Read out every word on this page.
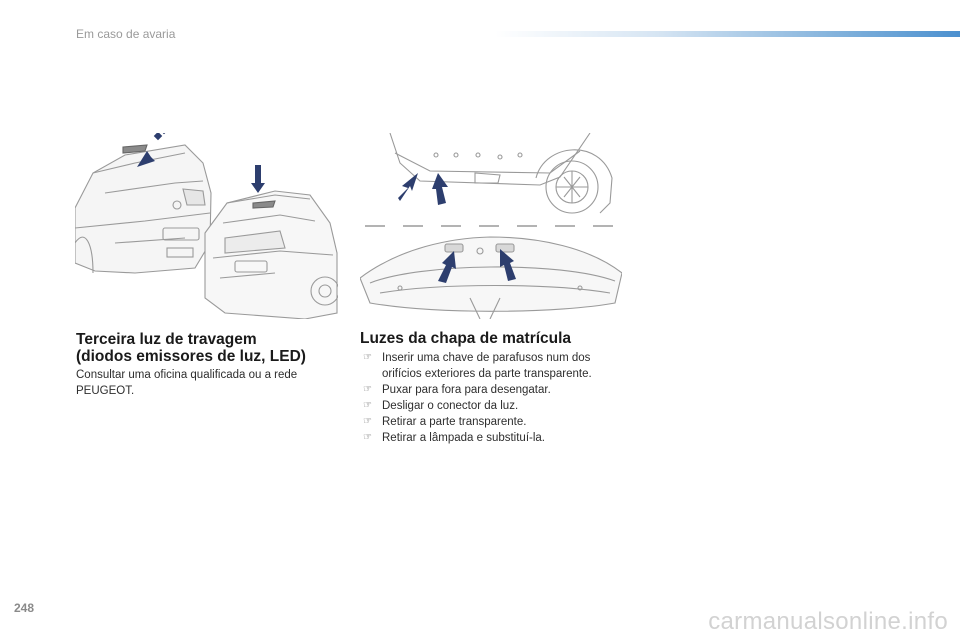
Em caso de avaria
Terceira luz de travagem
(diodos emissores de luz, LED)
Consultar uma oficina qualificada ou a rede PEUGEOT.
Luzes da chapa de matrícula
☞ Inserir uma chave de parafusos num dos orifícios exteriores da parte transparente.
☞ Puxar para fora para desengatar.
☞ Desligar o conector da luz.
☞ Retirar a parte transparente.
☞ Retirar a lâmpada e substituí-la.
248	carmanualsonline.info
